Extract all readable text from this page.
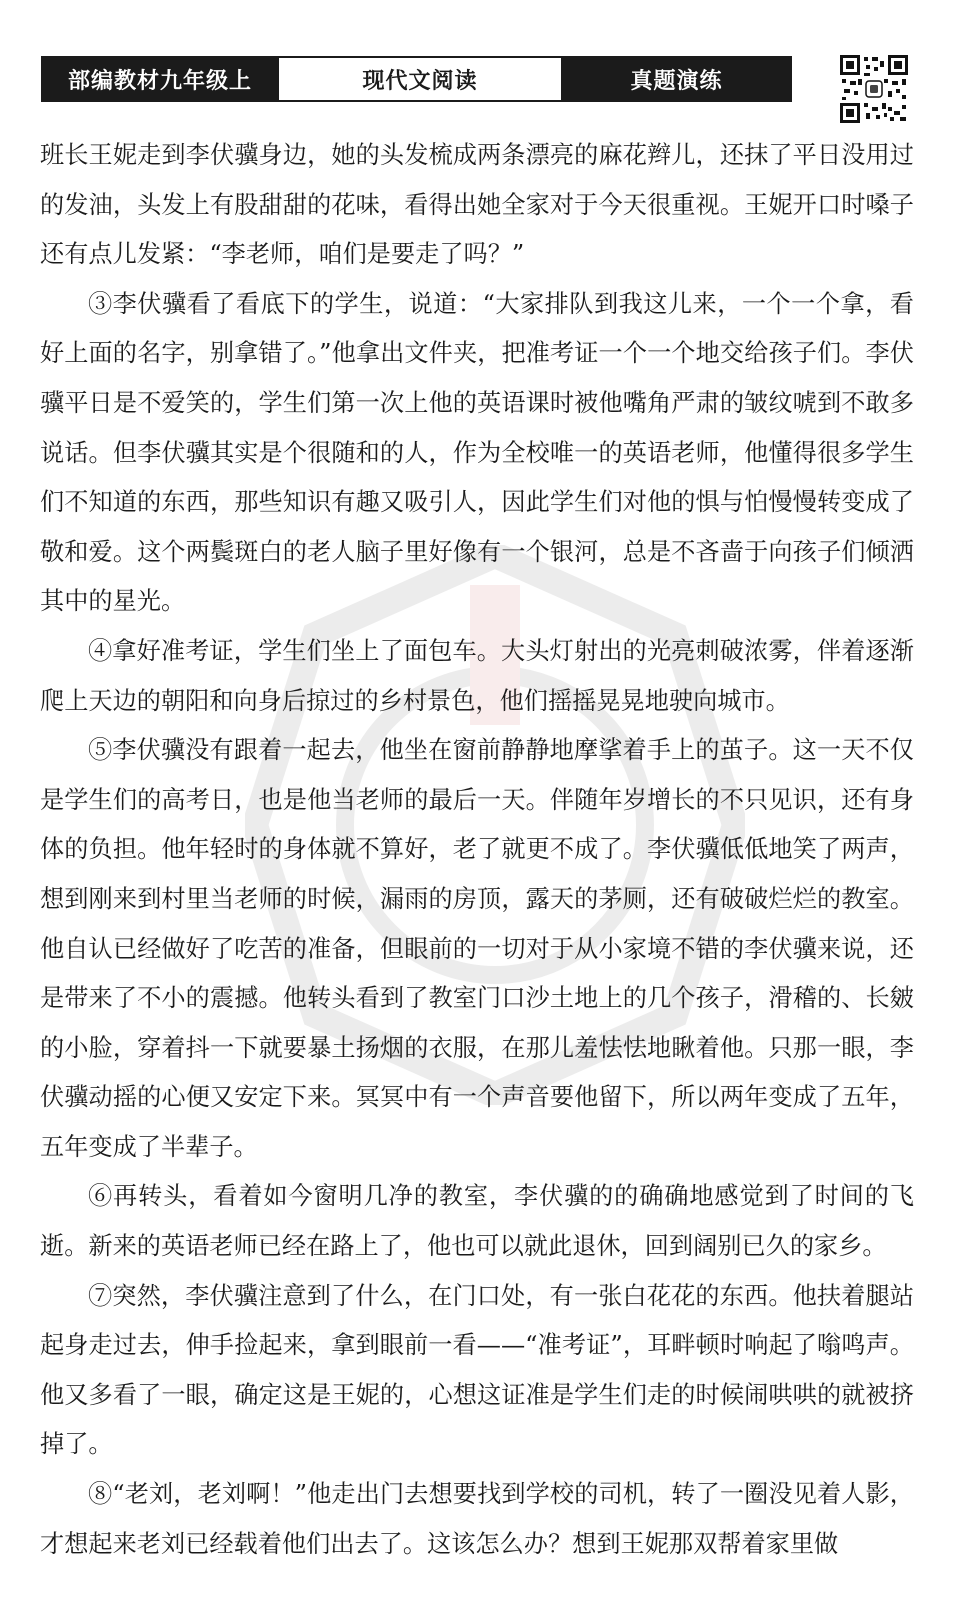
部编教材九年级上	现代文阅读	真题演练

班长王妮走到李伏骥身边，她的头发梳成两条漂亮的麻花辫儿，还抹了平日没用过的发油，头发上有股甜甜的花味，看得出她全家对于今天很重视。王妮开口时嗓子还有点儿发紧：“李老师，咱们是要走了吗？”

③李伏骥看了看底下的学生，说道：“大家排队到我这儿来，一个一个拿，看好上面的名字，别拿错了。”他拿出文件夹，把准考证一个一个地交给孩子们。李伏骥平日是不爱笑的，学生们第一次上他的英语课时被他嘴角严肃的皱纹唬到不敢多说话。但李伏骥其实是个很随和的人，作为全校唯一的英语老师，他懂得很多学生们不知道的东西，那些知识有趣又吸引人，因此学生们对他的惧与怕慢慢转变成了敬和爱。这个两鬓斑白的老人脑子里好像有一个银河，总是不吝啬于向孩子们倾洒其中的星光。

④拿好准考证，学生们坐上了面包车。大头灯射出的光亮刺破浓雾，伴着逐渐爬上天边的朝阳和向身后掠过的乡村景色，他们摇摇晃晃地驶向城市。

⑤李伏骥没有跟着一起去，他坐在窗前静静地摩挲着手上的茧子。这一天不仅是学生们的高考日，也是他当老师的最后一天。伴随年岁增长的不只见识，还有身体的负担。他年轻时的身体就不算好，老了就更不成了。李伏骥低低地笑了两声，想到刚来到村里当老师的时候，漏雨的房顶，露天的茅厕，还有破破烂烂的教室。他自认已经做好了吃苦的准备，但眼前的一切对于从小家境不错的李伏骥来说，还是带来了不小的震撼。他转头看到了教室门口沙土地上的几个孩子，滑稽的、长皴的小脸，穿着抖一下就要暴土扬烟的衣服，在那儿羞怯怯地瞅着他。只那一眼，李伏骥动摇的心便又安定下来。冥冥中有一个声音要他留下，所以两年变成了五年，五年变成了半辈子。

⑥再转头，看着如今窗明几净的教室，李伏骥的的确确地感觉到了时间的飞逝。新来的英语老师已经在路上了，他也可以就此退休，回到阔别已久的家乡。

⑦突然，李伏骥注意到了什么，在门口处，有一张白花花的东西。他扶着腿站起身走过去，伸手捡起来，拿到眼前一看——“准考证”，耳畔顿时响起了嗡鸣声。他又多看了一眼，确定这是王妮的，心想这证准是学生们走的时候闹哄哄的就被挤掉了。

⑧“老刘，老刘啊！”他走出门去想要找到学校的司机，转了一圈没见着人影，才想起来老刘已经载着他们出去了。这该怎么办？想到王妮那双帮着家里做
